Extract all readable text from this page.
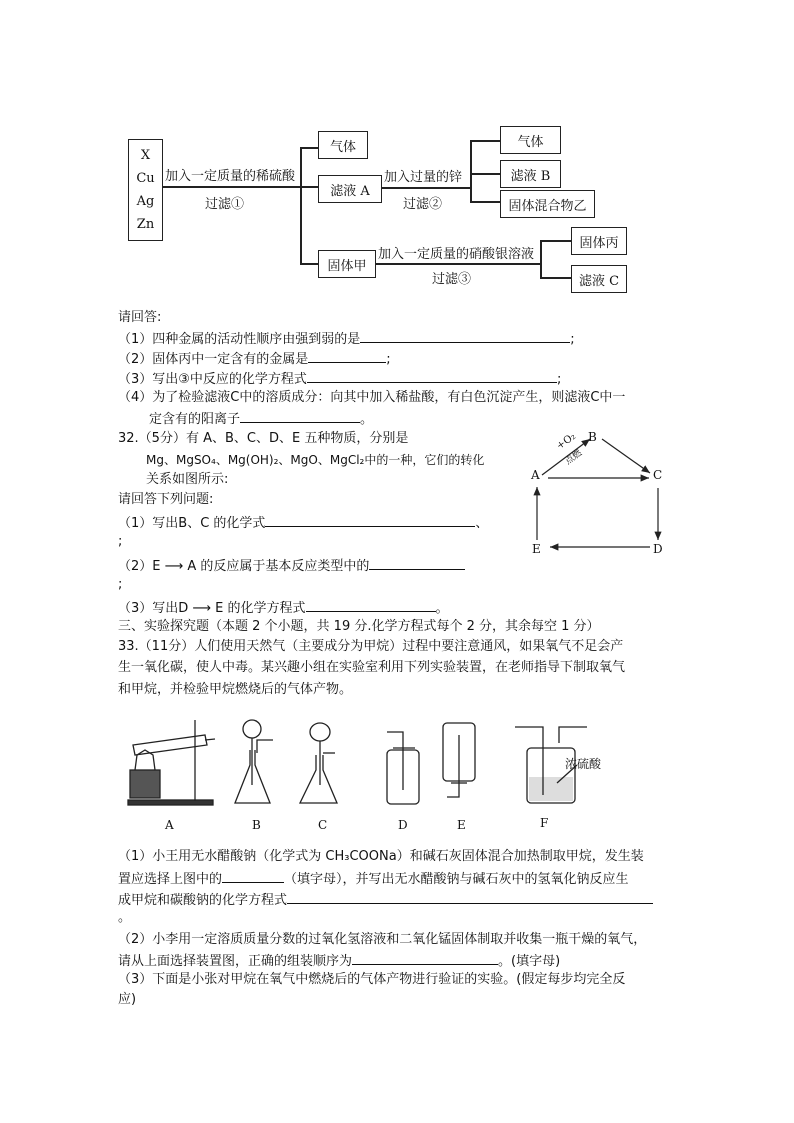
X
Cu
Ag
Zn
加入一定质量的稀硫酸
过滤①
气体
滤液 A
固体甲
加入过量的锌
过滤②
气体
滤液 B
固体混合物乙
加入一定质量的硝酸银溶液
过滤③
固体丙
滤液 C
请回答:
（1）四种金属的活动性顺序由强到弱的是	;
（2）固体丙中一定含有的金属是	;
（3）写出③中反应的化学方程式	;
（4）为了检验滤液C中的溶质成分：向其中加入稀盐酸，有白色沉淀产生，则滤液C中一
定含有的阳离子	。
32.（5分）有 A、B、C、D、E 五种物质，分别是
Mg、MgSO₄、Mg(OH)₂、MgO、MgCl₂中的一种，它们的转化
关系如图所示:
请回答下列问题:
（1）写出B、C 的化学式	、
;
（2）E ⟶ A 的反应属于基本反应类型中的
;
（3）写出D ⟶ E 的化学方程式	。
A
B
C
D
E
+O₂
点燃
三、实验探究题（本题 2 个小题，共 19 分.化学方程式每个 2 分，其余每空 1 分）
33.（11分）人们使用天然气（主要成分为甲烷）过程中要注意通风，如果氧气不足会产
生一氧化碳，使人中毒。某兴趣小组在实验室利用下列实验装置，在老师指导下制取氧气
和甲烷，并检验甲烷燃烧后的气体产物。
浓硫酸
A	B	C	D	E	F
（1）小王用无水醋酸钠（化学式为 CH₃COONa）和碱石灰固体混合加热制取甲烷，发生装
置应选择上图中的	（填字母），并写出无水醋酸钠与碱石灰中的氢氧化钠反应生
成甲烷和碳酸钠的化学方程式
。
（2）小李用一定溶质质量分数的过氧化氢溶液和二氧化锰固体制取并收集一瓶干燥的氧气，
请从上面选择装置图，正确的组装顺序为	。(填字母)
（3）下面是小张对甲烷在氧气中燃烧后的气体产物进行验证的实验。(假定每步均完全反
应)
